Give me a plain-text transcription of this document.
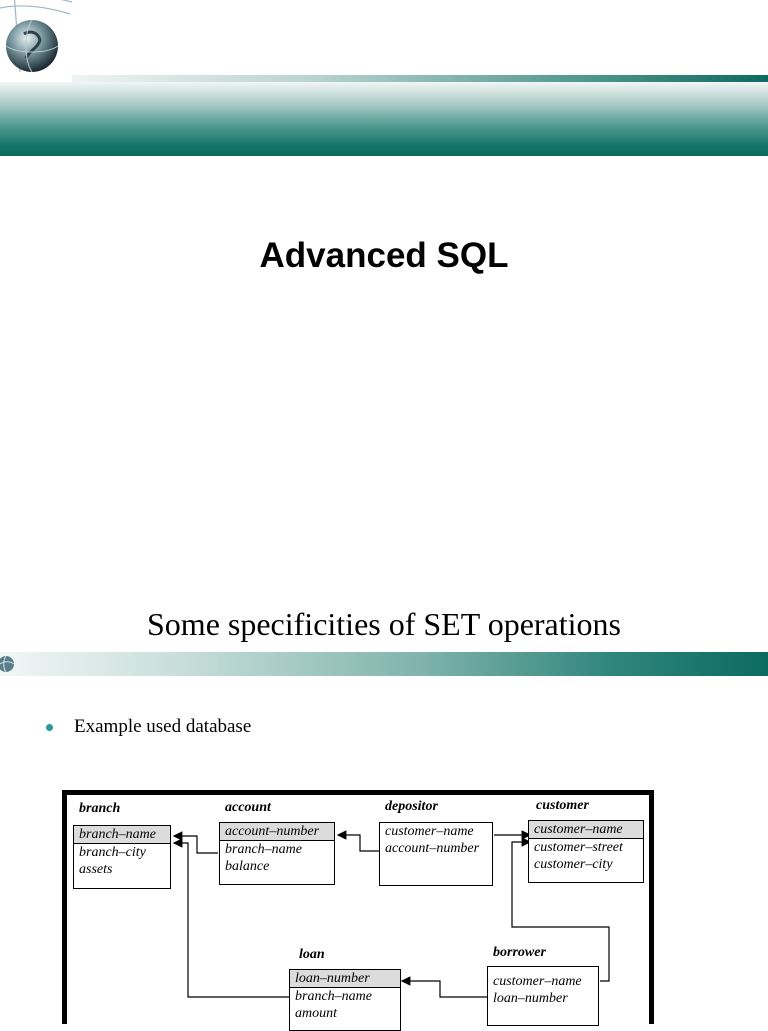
Advanced SQL
Some specificities of SET operations
Example used database
branch
branch–name
branch–city
assets
account
account–number
branch–name
balance
depositor
customer–name
account–number
customer
customer–name
customer–street
customer–city
loan
loan–number
branch–name
amount
borrower
customer–name
loan–number
